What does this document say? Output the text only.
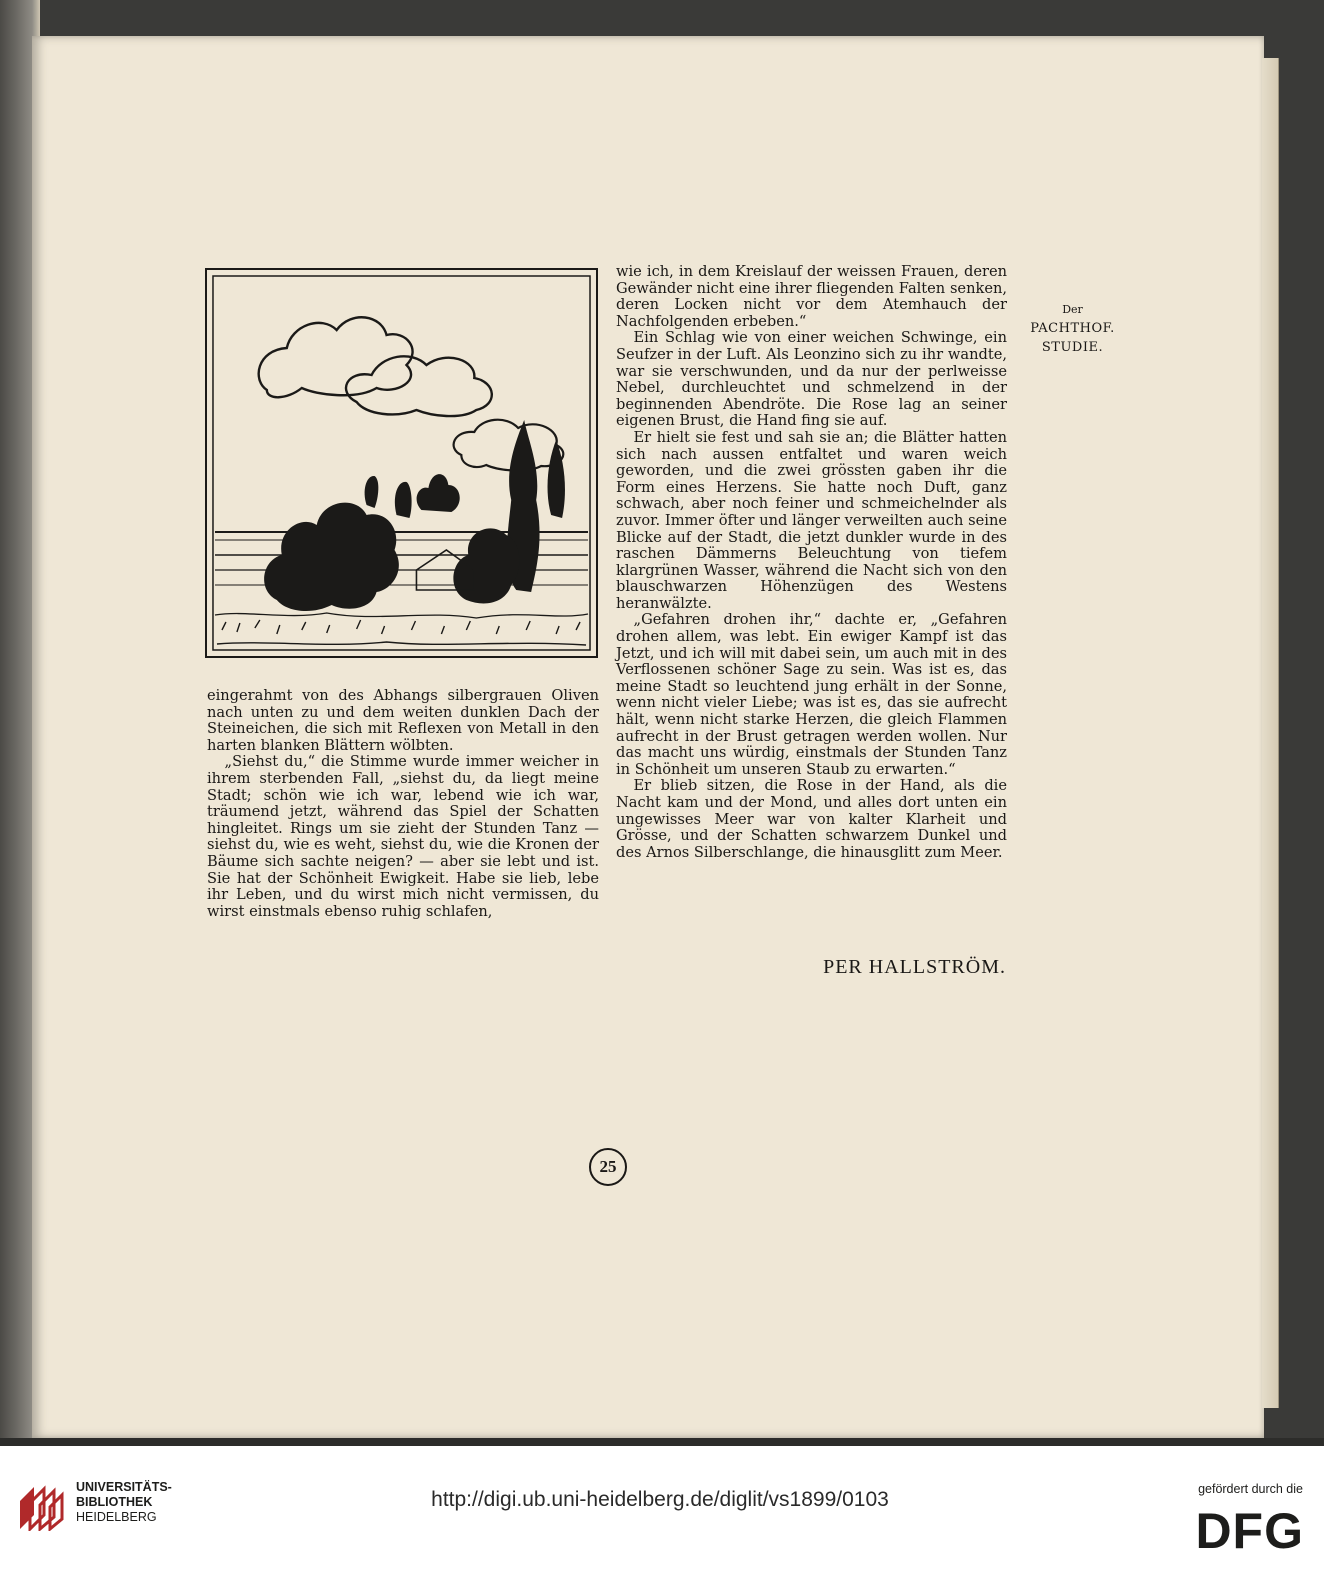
eingerahmt von des Abhangs silbergrauen Oliven nach unten zu und dem weiten dunklen Dach der Steineichen, die sich mit Reflexen von Metall in den harten blanken Blättern wölbten.

„Siehst du,“ die Stimme wurde immer weicher in ihrem sterbenden Fall, „siehst du, da liegt meine Stadt; schön wie ich war, lebend wie ich war, träumend jetzt, während das Spiel der Schatten hingleitet. Rings um sie zieht der Stunden Tanz — siehst du, wie es weht, siehst du, wie die Kronen der Bäume sich sachte neigen? — aber sie lebt und ist. Sie hat der Schönheit Ewigkeit. Habe sie lieb, lebe ihr Leben, und du wirst mich nicht vermissen, du wirst einstmals ebenso ruhig schlafen,

wie ich, in dem Kreislauf der weissen Frauen, deren Gewänder nicht eine ihrer fliegenden Falten senken, deren Locken nicht vor dem Atemhauch der Nachfolgenden erbeben.“

Ein Schlag wie von einer weichen Schwinge, ein Seufzer in der Luft. Als Leonzino sich zu ihr wandte, war sie verschwunden, und da nur der perlweisse Nebel, durchleuchtet und schmelzend in der beginnenden Abendröte. Die Rose lag an seiner eigenen Brust, die Hand fing sie auf.

Er hielt sie fest und sah sie an; die Blätter hatten sich nach aussen entfaltet und waren weich geworden, und die zwei grössten gaben ihr die Form eines Herzens. Sie hatte noch Duft, ganz schwach, aber noch feiner und schmeichelnder als zuvor. Immer öfter und länger verweilten auch seine Blicke auf der Stadt, die jetzt dunkler wurde in des raschen Dämmerns Beleuchtung von tiefem klargrünen Wasser, während die Nacht sich von den blauschwarzen Höhenzügen des Westens heranwälzte.

„Gefahren drohen ihr,“ dachte er, „Gefahren drohen allem, was lebt. Ein ewiger Kampf ist das Jetzt, und ich will mit dabei sein, um auch mit in des Verflossenen schöner Sage zu sein. Was ist es, das meine Stadt so leuchtend jung erhält in der Sonne, wenn nicht vieler Liebe; was ist es, das sie aufrecht hält, wenn nicht starke Herzen, die gleich Flammen aufrecht in der Brust getragen werden wollen. Nur das macht uns würdig, einstmals der Stunden Tanz in Schönheit um unseren Staub zu erwarten.“

Er blieb sitzen, die Rose in der Hand, als die Nacht kam und der Mond, und alles dort unten ein ungewisses Meer war von kalter Klarheit und Grösse, und der Schatten schwarzem Dunkel und des Arnos Silberschlange, die hinausglitt zum Meer.

Der
PACHTHOF.
STUDIE.
PER HALLSTRÖM.
25
UNIVERSITÄTS-
BIBLIOTHEK
HEIDELBERG
http://digi.ub.uni-heidelberg.de/diglit/vs1899/0103	gefördert durch die
DFG
